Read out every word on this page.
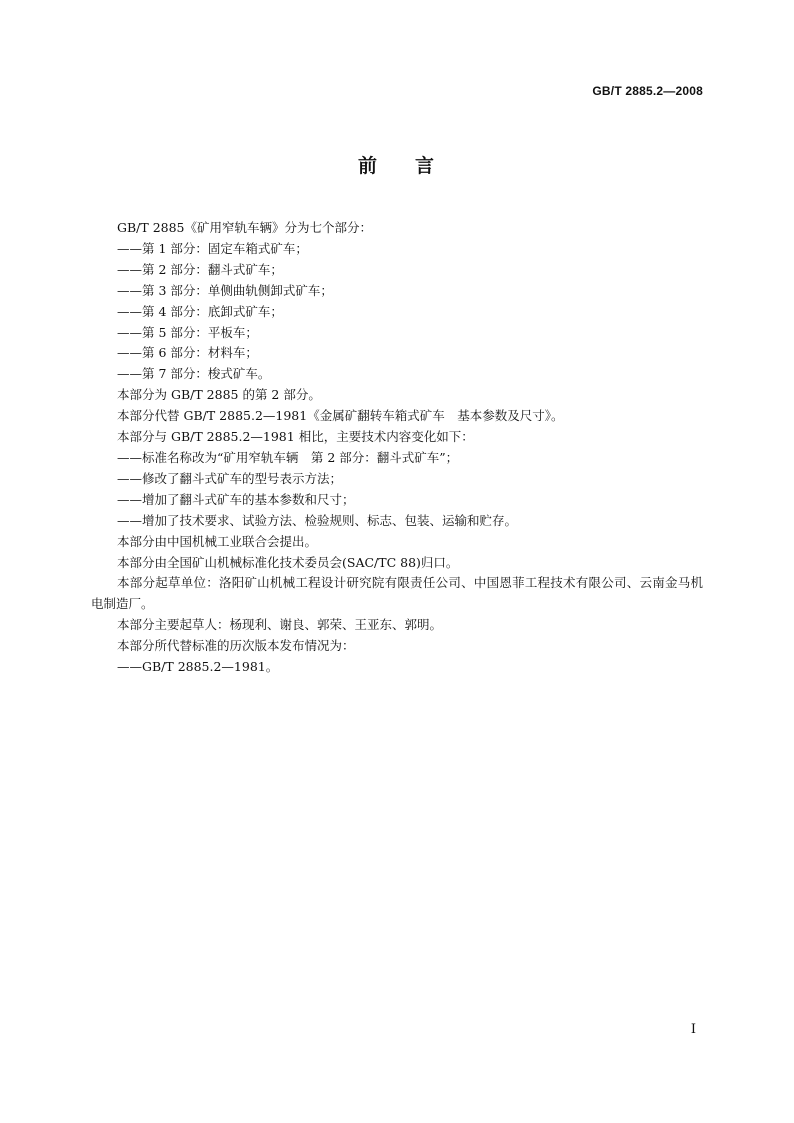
GB/T 2885.2—2008
前 言

GB/T 2885《矿用窄轨车辆》分为七个部分：

——第 1 部分：固定车箱式矿车；

——第 2 部分：翻斗式矿车；

——第 3 部分：单侧曲轨侧卸式矿车；

——第 4 部分：底卸式矿车；

——第 5 部分：平板车；

——第 6 部分：材料车；

——第 7 部分：梭式矿车。

本部分为 GB/T 2885 的第 2 部分。

本部分代替 GB/T 2885.2—1981《金属矿翻转车箱式矿车　基本参数及尺寸》。

本部分与 GB/T 2885.2—1981 相比，主要技术内容变化如下：

——标准名称改为“矿用窄轨车辆　第 2 部分：翻斗式矿车”；

——修改了翻斗式矿车的型号表示方法；

——增加了翻斗式矿车的基本参数和尺寸；

——增加了技术要求、试验方法、检验规则、标志、包装、运输和贮存。

本部分由中国机械工业联合会提出。

本部分由全国矿山机械标准化技术委员会(SAC/TC 88)归口。

本部分起草单位：洛阳矿山机械工程设计研究院有限责任公司、中国恩菲工程技术有限公司、云南金马机电制造厂。

本部分主要起草人：杨现利、谢良、郭荣、王亚东、郭明。

本部分所代替标准的历次版本发布情况为：

——GB/T 2885.2—1981。

I
